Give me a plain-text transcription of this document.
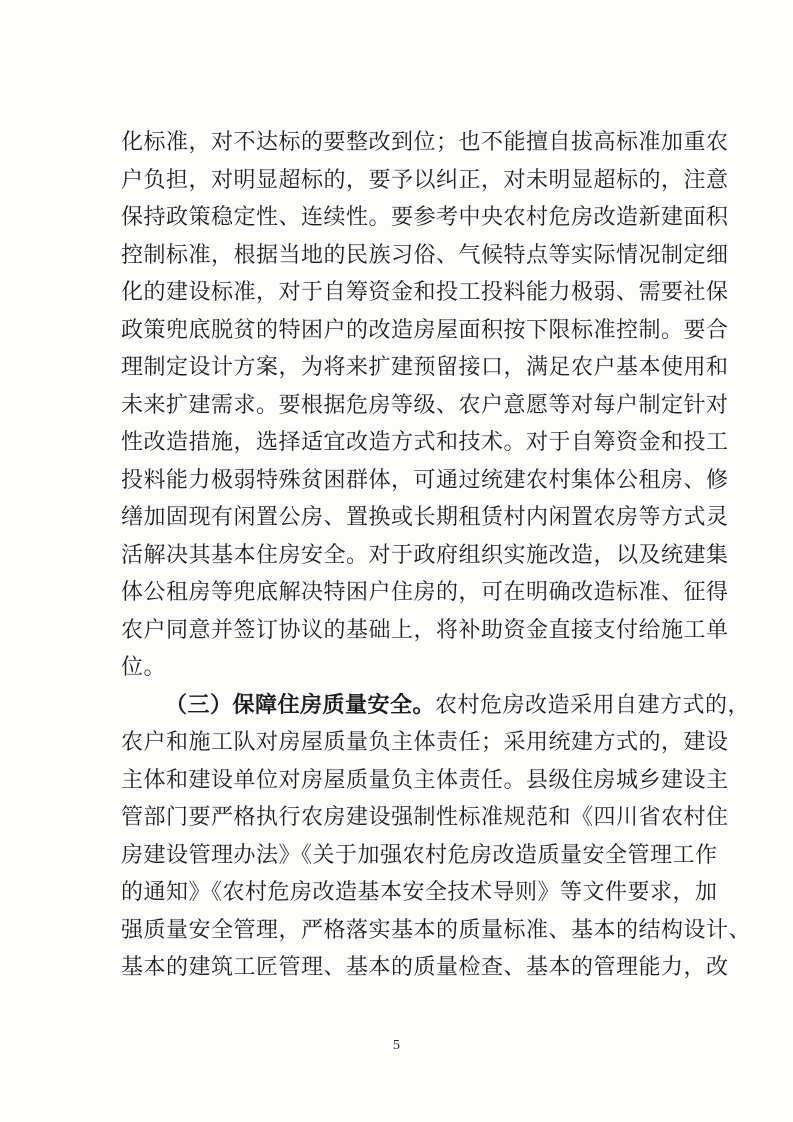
化标准，对不达标的要整改到位；也不能擅自拔高标准加重农
户负担，对明显超标的，要予以纠正，对未明显超标的，注意
保持政策稳定性、连续性。要参考中央农村危房改造新建面积
控制标准，根据当地的民族习俗、气候特点等实际情况制定细
化的建设标准，对于自筹资金和投工投料能力极弱、需要社保
政策兜底脱贫的特困户的改造房屋面积按下限标准控制。要合
理制定设计方案，为将来扩建预留接口，满足农户基本使用和
未来扩建需求。要根据危房等级、农户意愿等对每户制定针对
性改造措施，选择适宜改造方式和技术。对于自筹资金和投工
投料能力极弱特殊贫困群体，可通过统建农村集体公租房、修
缮加固现有闲置公房、置换或长期租赁村内闲置农房等方式灵
活解决其基本住房安全。对于政府组织实施改造，以及统建集
体公租房等兜底解决特困户住房的，可在明确改造标准、征得
农户同意并签订协议的基础上，将补助资金直接支付给施工单
位。
（三）保障住房质量安全。农村危房改造采用自建方式的，
农户和施工队对房屋质量负主体责任；采用统建方式的，建设
主体和建设单位对房屋质量负主体责任。县级住房城乡建设主
管部门要严格执行农房建设强制性标准规范和《四川省农村住
房建设管理办法》《关于加强农村危房改造质量安全管理工作
的通知》《农村危房改造基本安全技术导则》等文件要求，加
强质量安全管理，严格落实基本的质量标准、基本的结构设计、
基本的建筑工匠管理、基本的质量检查、基本的管理能力，改
5
